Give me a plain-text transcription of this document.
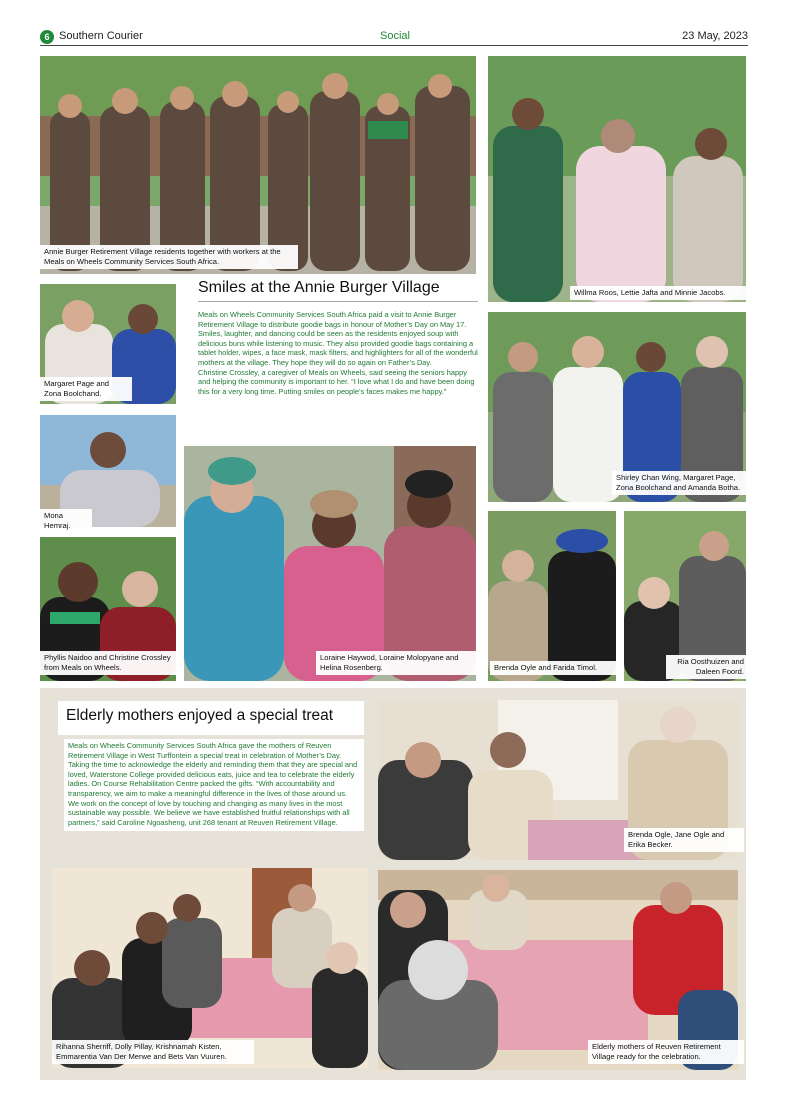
6 Southern Courier	Social	23 May, 2023
Annie Burger Retirement Village residents together with workers at the Meals on Wheels Community Services South Africa.
Willma Roos, Lettie Jafta and Minnie Jacobs.
Margaret Page and Zona Boolchand.
Mona Hemraj.
Phyllis Naidoo and Christine Crossley from Meals on Wheels.
Smiles at the Annie Burger Village

Meals on Wheels Community Services South Africa paid a visit to Annie Burger Retirement Village to distribute goodie bags in honour of Mother’s Day on May 17. Smiles, laughter, and dancing could be seen as the residents enjoyed soup with delicious buns while listening to music. They also provided goodie bags containing a tablet holder, wipes, a face mask, mask filters, and highlighters for all of the wonderful mothers at the village. They hope they will do so again on Father’s Day.

Christine Crossley, a caregiver of Meals on Wheels, said seeing the seniors happy and helping the community is important to her. “I love what I do and have been doing this for a very long time. Putting smiles on people’s faces makes me happy.”

Loraine Haywod, Loraine Molopyane and Helina Rosenberg.
Shirley Chan Wing, Margaret Page, Zona Boolchand and Amanda Botha.
Brenda Oyle and Farida Timol.
Ria Oosthuizen and Daleen Foord.
Elderly mothers enjoyed a special treat
Meals on Wheels Community Services South Africa gave the mothers of Reuven Retirement Village in West Turffontein a special treat in celebration of Mother’s Day. Taking the time to acknowledge the elderly and reminding them that they are special and loved, Waterstone College provided delicious eats, juice and tea to celebrate the elderly ladies. On Course Rehabilitation Centre packed the gifts. “With accountability and transparency, we aim to make a meaningful difference in the lives of those around us. We work on the concept of love by touching and changing as many lives in the most sustainable way possible. We believe we have established fruitful relationships with all partners,” said Caroline Ngoasheng, unit 268 tenant at Reuven Retirement Village.
Brenda Ogle, Jane Ogle and Erika Becker.
Rihanna Sherriff, Dolly Pillay, Krishnamah Kisten, Emmarentia Van Der Merwe and Bets Van Vuuren.
Elderly mothers of Reuven Retirement Village ready for the celebration.
